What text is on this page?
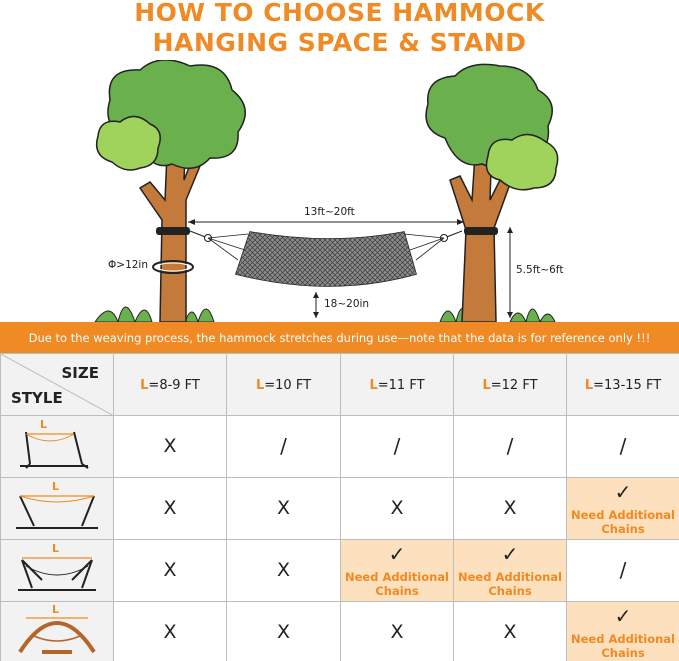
HOW TO CHOOSE HAMMOCK
HANGING SPACE & STAND
13ft~20ft
Φ>12in
18~20in
5.5ft~6ft
Due to the weaving process, the hammock stretches during use—note that the data is for reference only !!!
SIZE
STYLE	L=8-9 FT	L=10 FT	L=11 FT	L=12 FT	L=13-15 FT

L	X	/	/	/	/

L	X	X	X	X	✓
Need Additional
Chains

L	X	X	✓
Need Additional
Chains	✓
Need Additional
Chains	/

L	X	X	X	X	✓
Need Additional
Chains
